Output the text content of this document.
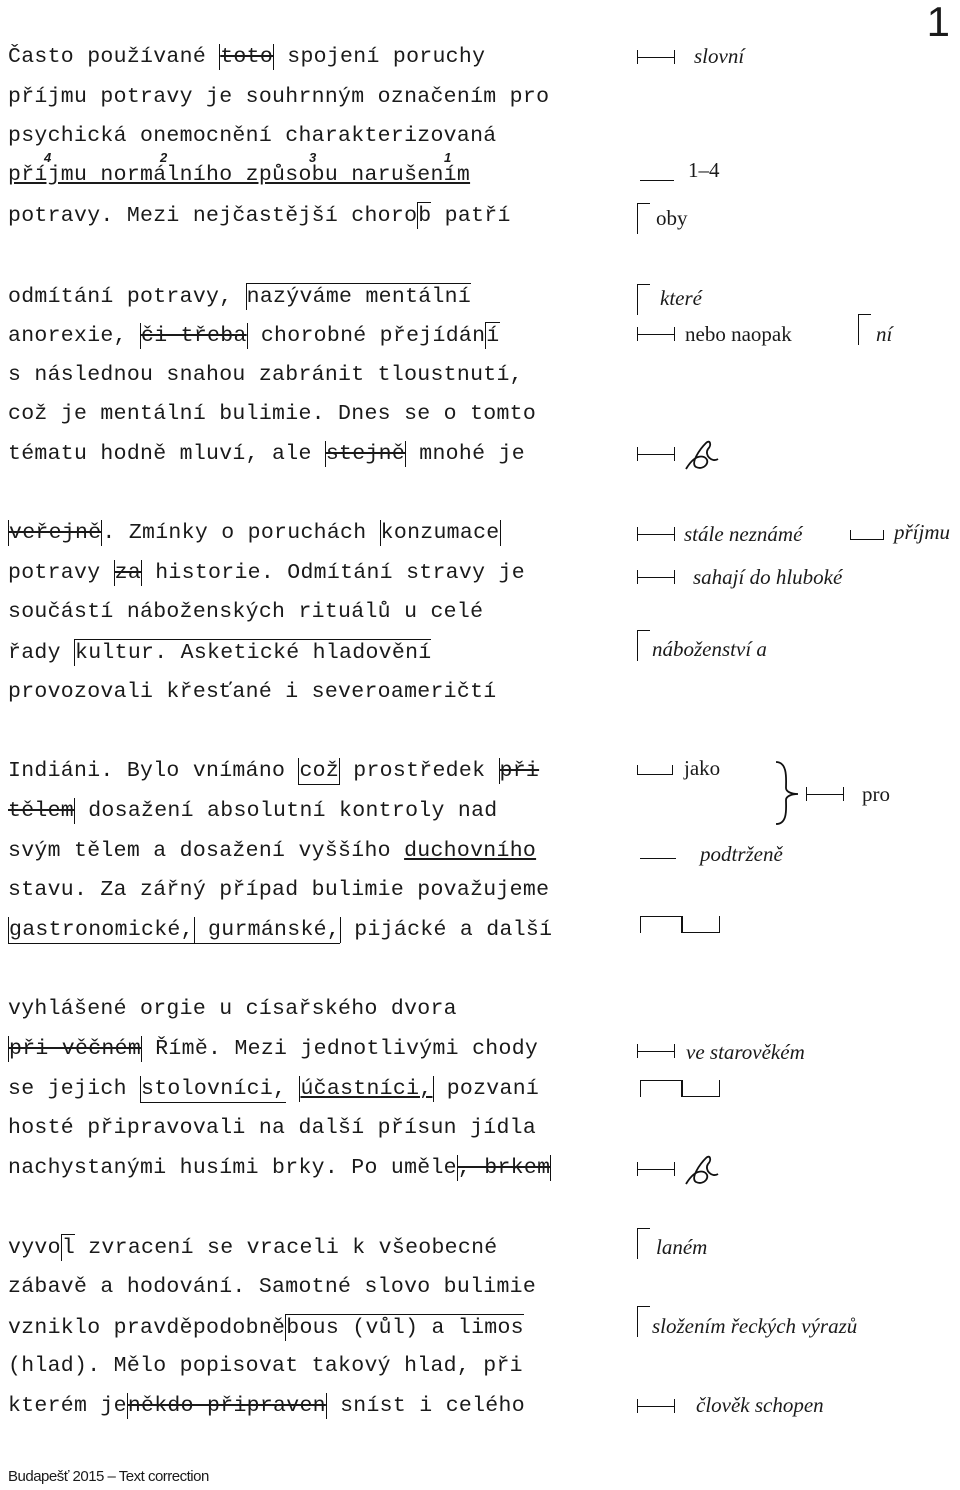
1
Často používané toto spojení poruchy
příjmu potravy je souhrnným označením pro
psychická onemocnění charakterizovaná
4	2	3	1
příjmu normálního způsobu narušením
potravy. Mezi nejčastější chorob patří
slovní
1–4
oby
odmítání potravy, nazýváme mentální
anorexie, či třeba chorobné přejídání
s následnou snahou zabránit tloustnutí,
což je mentální bulimie. Dnes se o tomto
tématu hodně mluví, ale stejně mnohé je
které
nebo naopak	ní
veřejně. Zmínky o poruchách konzumace
potravy za historie. Odmítání stravy je
součástí náboženských rituálů u celé
řady kultur. Asketické hladovění
provozovali křesťané i severoameričtí
stále neznámé	příjmu
sahají do hluboké
náboženství a
Indiáni. Bylo vnímáno což prostředek při
tělem dosažení absolutní kontroly nad
svým tělem a dosažení vyššího duchovního
stavu. Za zářný případ bulimie považujeme
gastronomické, gurmánské, pijácké a další
jako
pro
podtrženě
vyhlášené orgie u císařského dvora
při věčném Římě. Mezi jednotlivými chody
se jejich stolovníci, účastníci, pozvaní
hosté připravovali na další přísun jídla
nachystanými husími brky. Po uměle, brkem
ve starověkém
vyvol zvracení se vraceli k všeobecné
zábavě a hodování. Samotné slovo bulimie
vzniklo pravděpodobněbous (vůl) a limos
(hlad). Mělo popisovat takový hlad, při
kterém jeněkdo připraven sníst i celého
laném
složením řeckých výrazů
člověk schopen
Budapešť 2015 – Text correction
